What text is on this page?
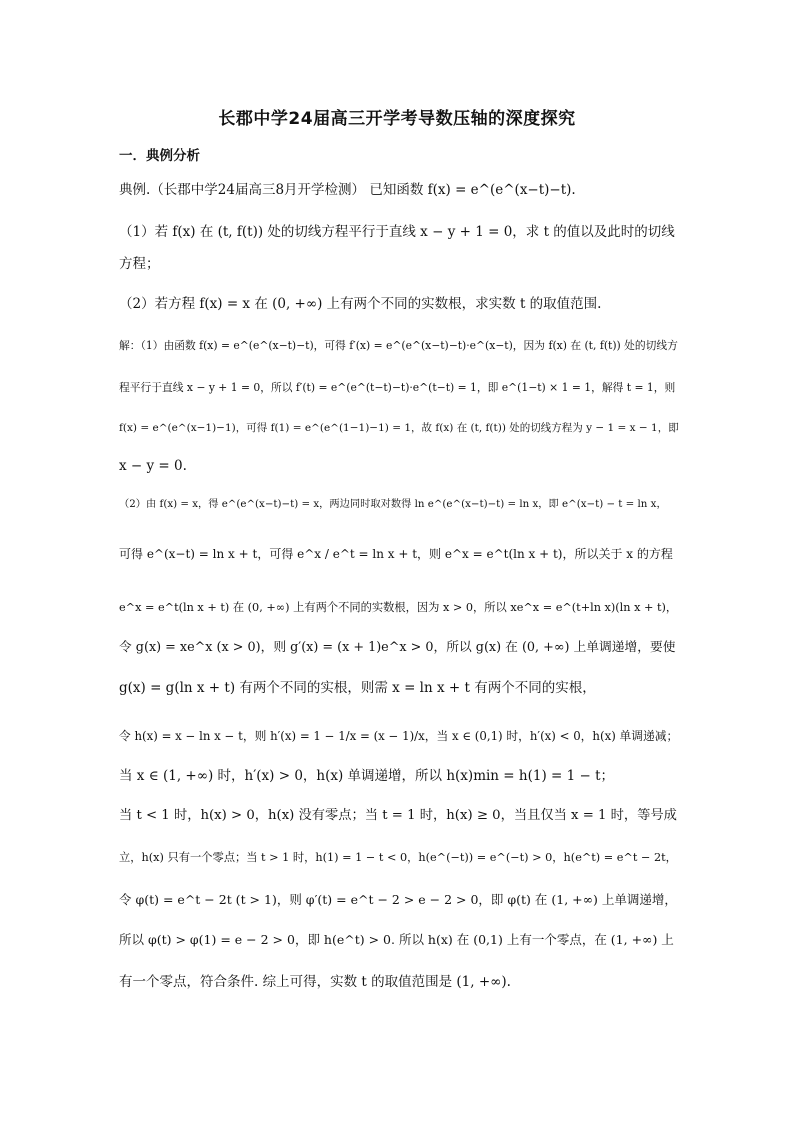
长郡中学24届高三开学考导数压轴的深度探究
一．典例分析
典例.（长郡中学24届高三8月开学检测） 已知函数 f(x) = e^(e^(x−t)−t).
（1）若 f(x) 在 (t, f(t)) 处的切线方程平行于直线 x − y + 1 = 0，求 t 的值以及此时的切线
方程；
（2）若方程 f(x) = x 在 (0, +∞) 上有两个不同的实数根，求实数 t 的取值范围.
解：（1）由函数 f(x) = e^(e^(x−t)−t)，可得 f′(x) = e^(e^(x−t)−t)·e^(x−t)，因为 f(x) 在 (t, f(t)) 处的切线方
程平行于直线 x − y + 1 = 0，所以 f′(t) = e^(e^(t−t)−t)·e^(t−t) = 1，即 e^(1−t) × 1 = 1，解得 t = 1，则
f(x) = e^(e^(x−1)−1)，可得 f(1) = e^(e^(1−1)−1) = 1，故 f(x) 在 (t, f(t)) 处的切线方程为 y − 1 = x − 1，即
x − y = 0.
（2）由 f(x) = x，得 e^(e^(x−t)−t) = x，两边同时取对数得 ln e^(e^(x−t)−t) = ln x，即 e^(x−t) − t = ln x，
可得 e^(x−t) = ln x + t，可得 e^x / e^t = ln x + t，则 e^x = e^t(ln x + t)，所以关于 x 的方程
e^x = e^t(ln x + t) 在 (0, +∞) 上有两个不同的实数根，因为 x > 0，所以 xe^x = e^(t+ln x)(ln x + t)，
令 g(x) = xe^x (x > 0)，则 g′(x) = (x + 1)e^x > 0，所以 g(x) 在 (0, +∞) 上单调递增，要使
g(x) = g(ln x + t) 有两个不同的实根，则需 x = ln x + t 有两个不同的实根，
令 h(x) = x − ln x − t，则 h′(x) = 1 − 1/x = (x − 1)/x，当 x ∈ (0,1) 时，h′(x) < 0，h(x) 单调递减；
当 x ∈ (1, +∞) 时，h′(x) > 0，h(x) 单调递增，所以 h(x)min = h(1) = 1 − t；
当 t < 1 时，h(x) > 0，h(x) 没有零点；当 t = 1 时，h(x) ≥ 0，当且仅当 x = 1 时，等号成
立，h(x) 只有一个零点；当 t > 1 时，h(1) = 1 − t < 0，h(e^(−t)) = e^(−t) > 0，h(e^t) = e^t − 2t，
令 φ(t) = e^t − 2t (t > 1)，则 φ′(t) = e^t − 2 > e − 2 > 0，即 φ(t) 在 (1, +∞) 上单调递增，
所以 φ(t) > φ(1) = e − 2 > 0，即 h(e^t) > 0. 所以 h(x) 在 (0,1) 上有一个零点，在 (1, +∞) 上
有一个零点，符合条件. 综上可得，实数 t 的取值范围是 (1, +∞).
